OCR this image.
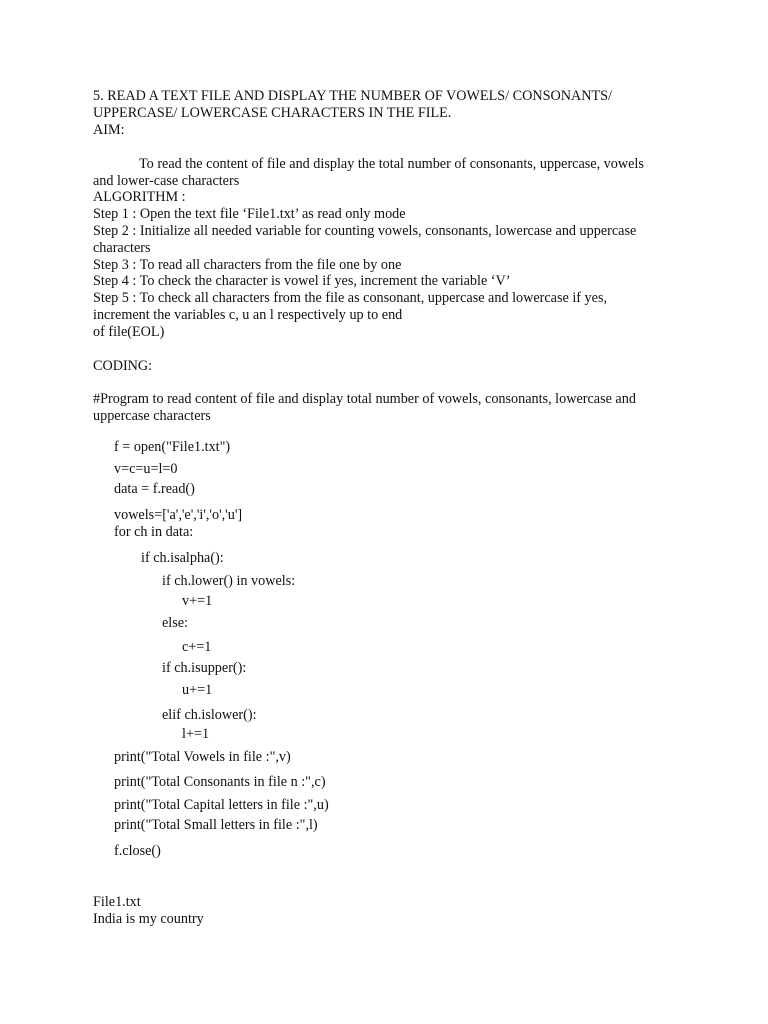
5. READ A TEXT FILE AND DISPLAY THE NUMBER OF VOWELS/ CONSONANTS/

UPPERCASE/ LOWERCASE CHARACTERS IN THE FILE.

AIM:

To read the content of file and display the total number of consonants, uppercase, vowels

and lower-case characters

ALGORITHM :

Step 1 : Open the text file ‘File1.txt’ as read only mode

Step 2 : Initialize all needed variable for counting vowels, consonants, lowercase and uppercase

characters

Step 3 : To read all characters from the file one by one

Step 4 : To check the character is vowel if yes, increment the variable ‘V’

Step 5 : To check all characters from the file as consonant, uppercase and lowercase if yes,

increment the variables c, u an l respectively up to end

of file(EOL)

CODING:

#Program to read content of file and display total number of vowels, consonants, lowercase and

uppercase characters

f = open("File1.txt")

v=c=u=l=0

data = f.read()

vowels=['a','e','i','o','u']

for ch in data:

if ch.isalpha():

if ch.lower() in vowels:

v+=1

else:

c+=1

if ch.isupper():

u+=1

elif ch.islower():

l+=1

print("Total Vowels in file :",v)

print("Total Consonants in file n :",c)

print("Total Capital letters in file :",u)

print("Total Small letters in file :",l)

f.close()

File1.txt

India is my country
